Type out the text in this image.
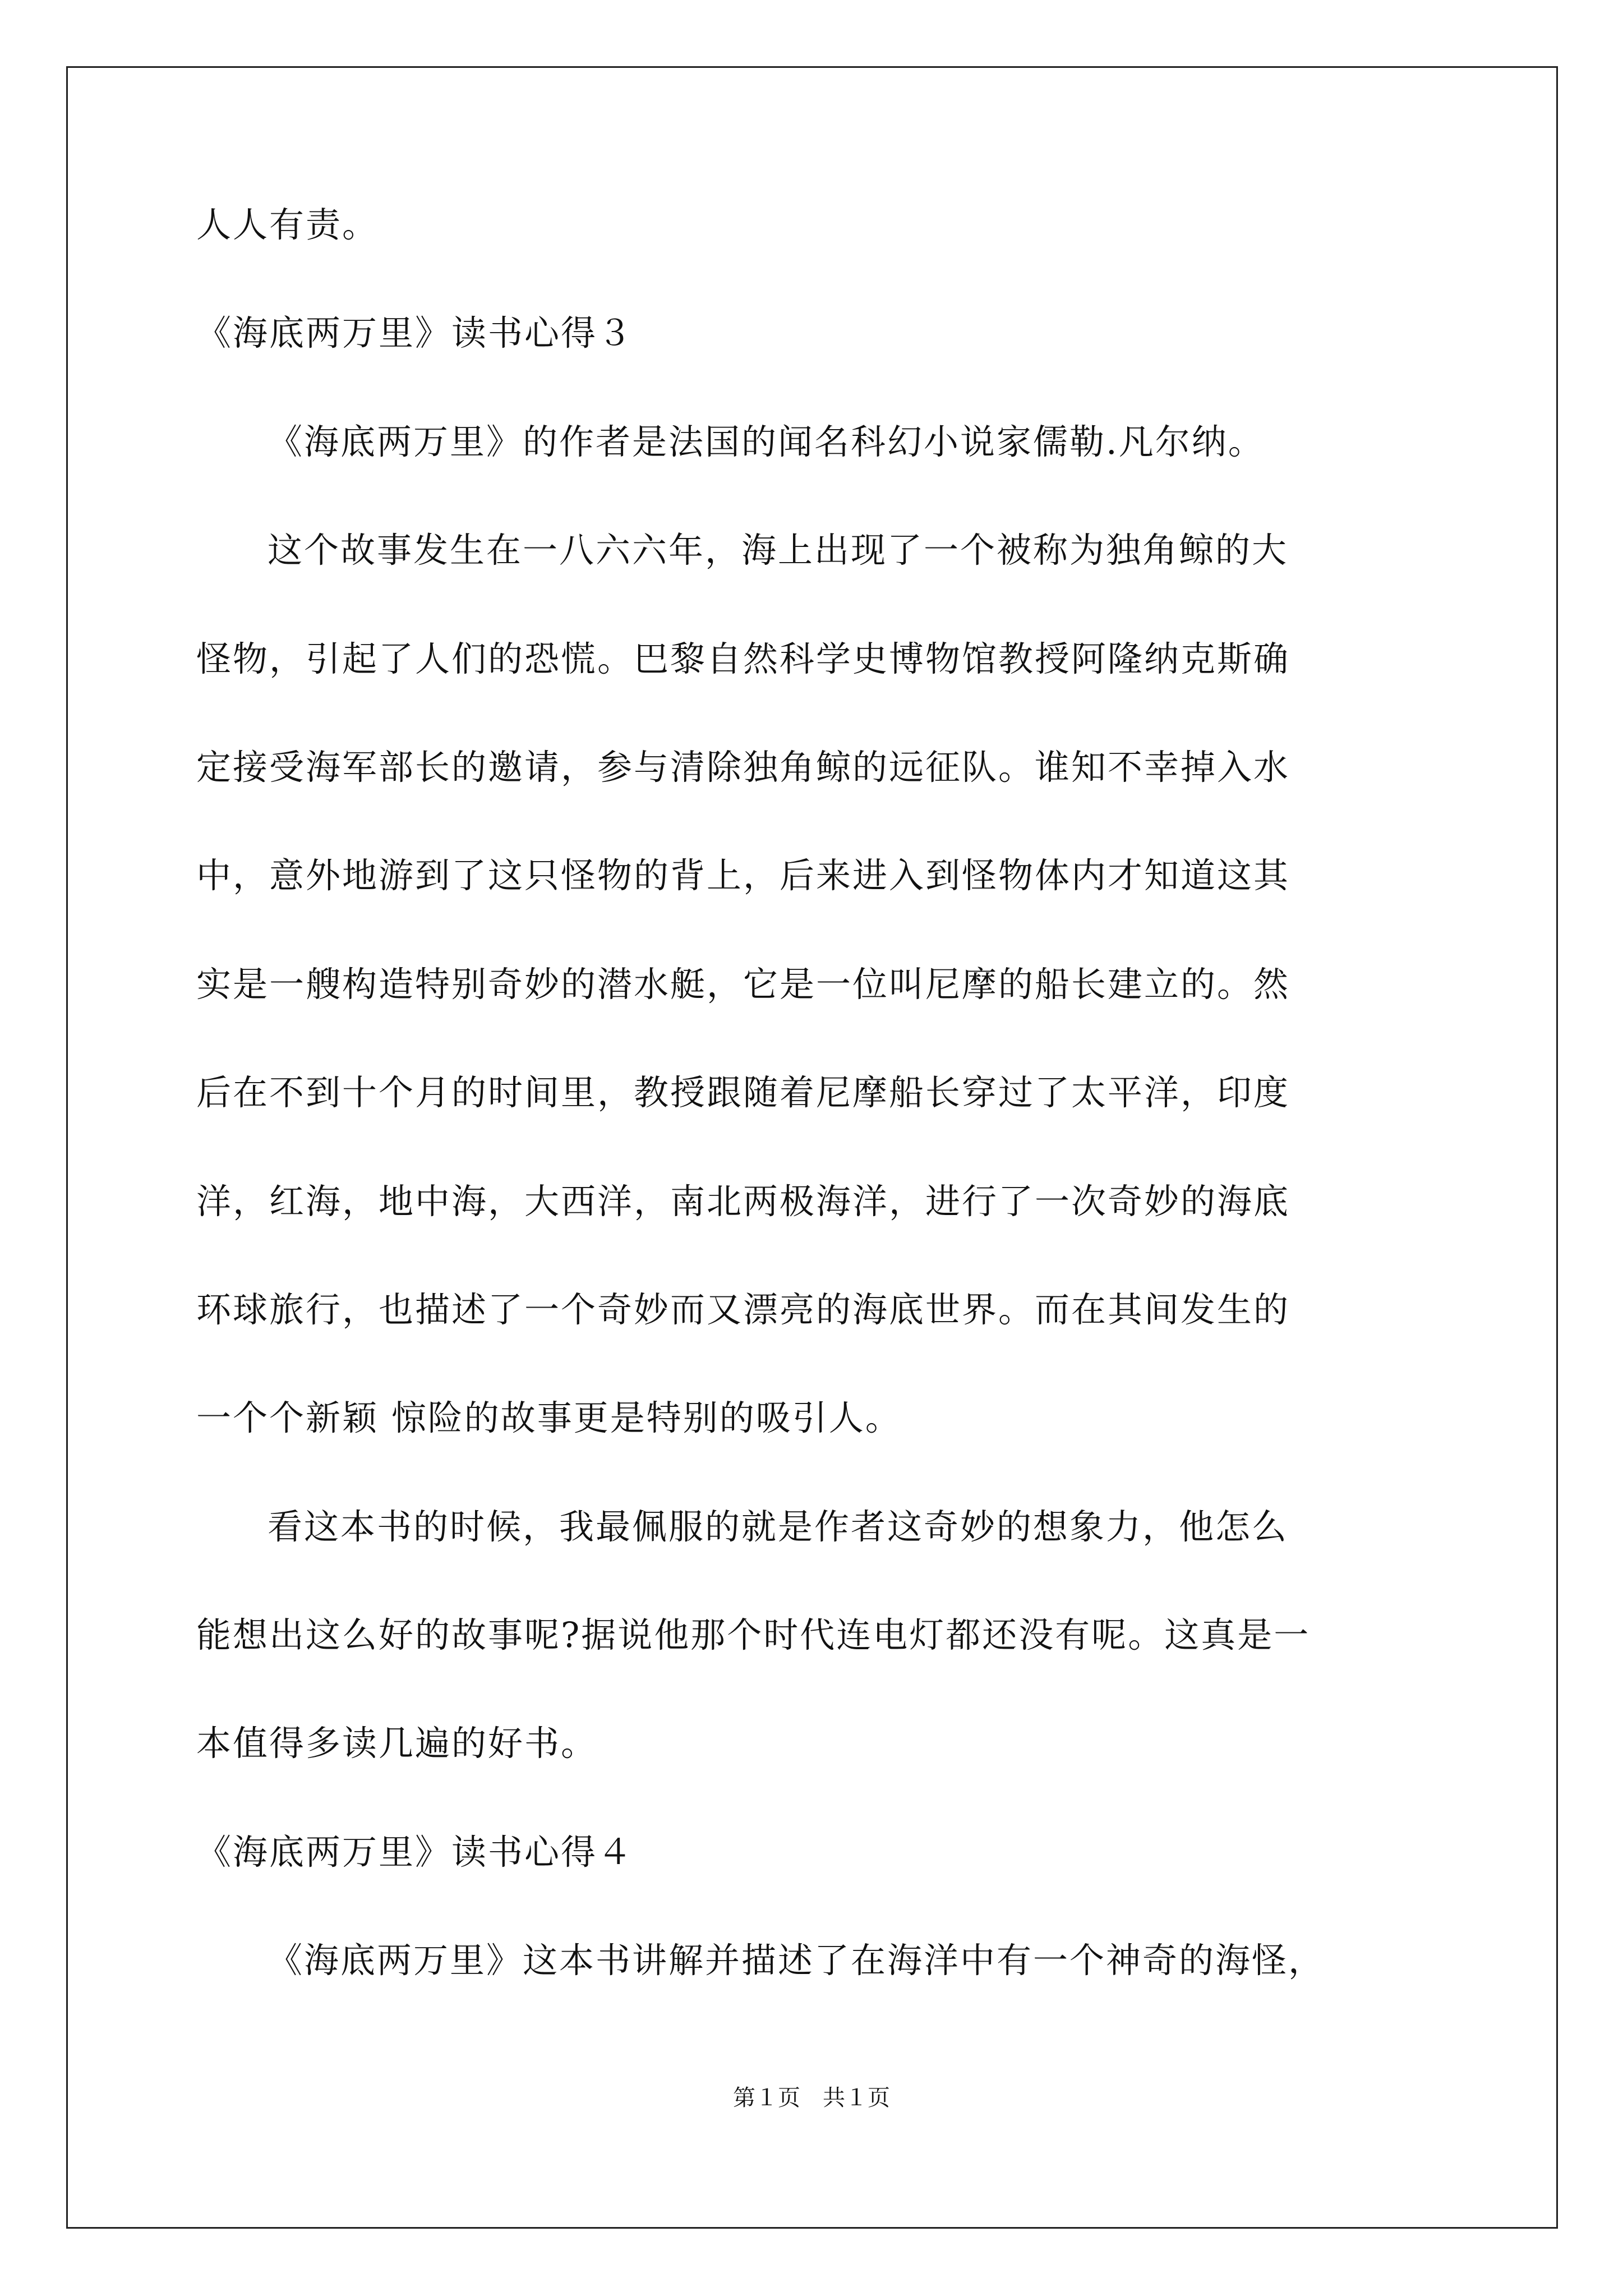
人人有责。
《海底两万里》读书心得３
《海底两万里》的作者是法国的闻名科幻小说家儒勒.凡尔纳。
这个故事发生在一八六六年，海上出现了一个被称为独角鲸的大
怪物，引起了人们的恐慌。巴黎自然科学史博物馆教授阿隆纳克斯确
定接受海军部长的邀请，参与清除独角鲸的远征队。谁知不幸掉入水
中，意外地游到了这只怪物的背上，后来进入到怪物体内才知道这其
实是一艘构造特别奇妙的潜水艇，它是一位叫尼摩的船长建立的。然
后在不到十个月的时间里，教授跟随着尼摩船长穿过了太平洋，印度
洋，红海，地中海，大西洋，南北两极海洋，进行了一次奇妙的海底
环球旅行，也描述了一个奇妙而又漂亮的海底世界。而在其间发生的
一个个新颖 惊险的故事更是特别的吸引人。
看这本书的时候，我最佩服的就是作者这奇妙的想象力，他怎么
能想出这么好的故事呢?据说他那个时代连电灯都还没有呢。这真是一
本值得多读几遍的好书。
《海底两万里》读书心得４
《海底两万里》这本书讲解并描述了在海洋中有一个神奇的海怪，
第１页　共１页
